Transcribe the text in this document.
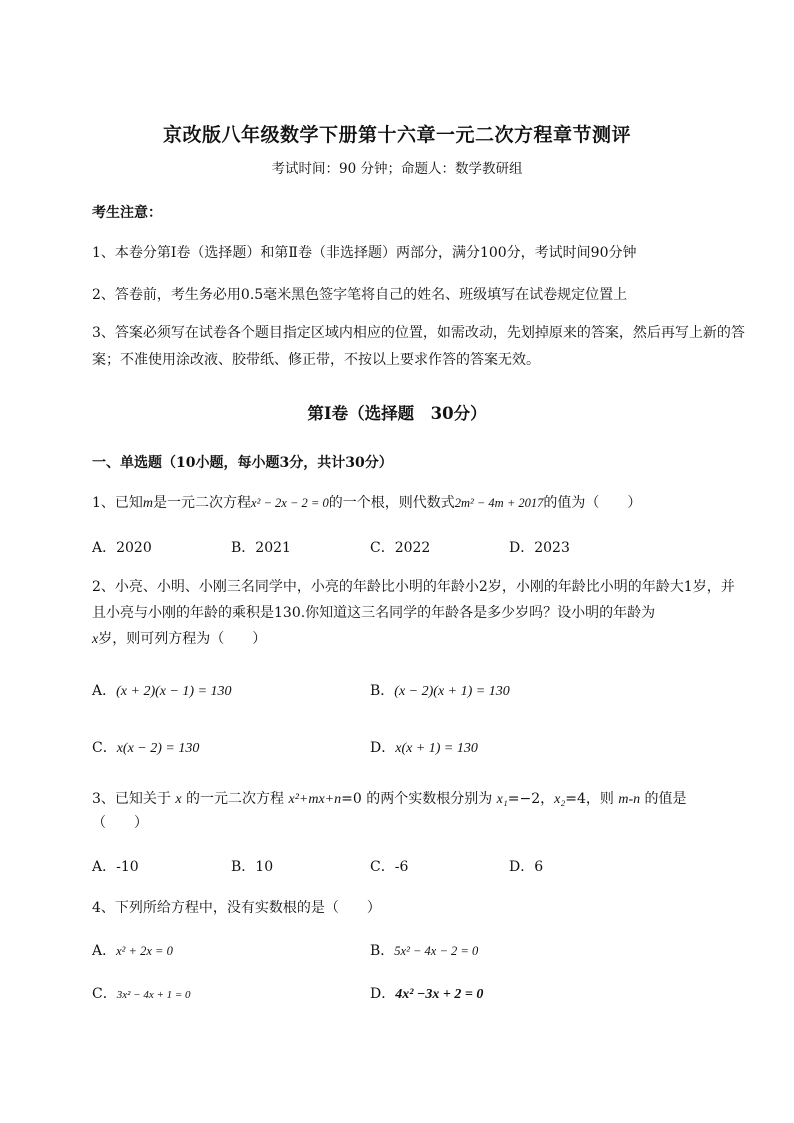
京改版八年级数学下册第十六章一元二次方程章节测评
考试时间：90 分钟；命题人：数学教研组
考生注意：
1、本卷分第Ⅰ卷（选择题）和第Ⅱ卷（非选择题）两部分，满分100分，考试时间90分钟
2、答卷前，考生务必用0.5毫米黑色签字笔将自己的姓名、班级填写在试卷规定位置上
3、答案必须写在试卷各个题目指定区域内相应的位置，如需改动，先划掉原来的答案，然后再写上新的答案；不准使用涂改液、胶带纸、修正带，不按以上要求作答的答案无效。
第Ⅰ卷（选择题　30分）
一、单选题（10小题，每小题3分，共计30分）
1、已知m是一元二次方程x² − 2x − 2 = 0的一个根，则代数式2m² − 4m + 2017的值为（　　）
A．2020	B．2021	C．2022	D．2023
2、小亮、小明、小刚三名同学中，小亮的年龄比小明的年龄小2岁，小刚的年龄比小明的年龄大1岁，并且小亮与小刚的年龄的乘积是130.你知道这三名同学的年龄各是多少岁吗？设小明的年龄为
x岁，则可列方程为（　　）
A．(x + 2)(x − 1) = 130	B．(x − 2)(x + 1) = 130
C．x(x − 2) = 130	D．x(x + 1) = 130
3、已知关于 x 的一元二次方程 x²+mx+n=0 的两个实数根分别为 x₁=−2，x₂=4，则 m-n 的值是
（　　）
A．-10	B．10	C．-6	D．6
4、下列所给方程中，没有实数根的是（　　）
A．x² + 2x = 0	B．5x² − 4x − 2 = 0
C．3x² − 4x + 1 = 0	D．4x² −3x + 2 = 0
